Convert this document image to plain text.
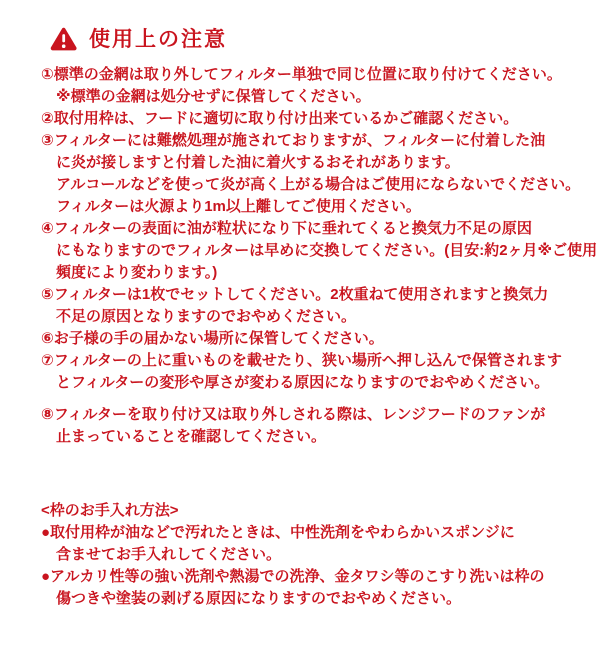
使用上の注意
①標準の金網は取り外してフィルター単独で同じ位置に取り付けてください。
※標準の金網は処分せずに保管してください。
②取付用枠は、フードに適切に取り付け出来ているかご確認ください。
③フィルターには難燃処理が施されておりますが、フィルターに付着した油
に炎が接しますと付着した油に着火するおそれがあります。
アルコールなどを使って炎が高く上がる場合はご使用にならないでください。
フィルターは火源より1m以上離してご使用ください。
④フィルターの表面に油が粒状になり下に垂れてくると換気力不足の原因
にもなりますのでフィルターは早めに交換してください。(目安:約2ヶ月※ご使用
頻度により変わります。)
⑤フィルターは1枚でセットしてください。2枚重ねて使用されますと換気力
不足の原因となりますのでおやめください。
⑥お子様の手の届かない場所に保管してください。
⑦フィルターの上に重いものを載せたり、狭い場所へ押し込んで保管されます
とフィルターの変形や厚さが変わる原因になりますのでおやめください。
⑧フィルターを取り付け又は取り外しされる際は、レンジフードのファンが
止まっていることを確認してください。
<枠のお手入れ方法>
●取付用枠が油などで汚れたときは、中性洗剤をやわらかいスポンジに
含ませてお手入れしてください。
●アルカリ性等の強い洗剤や熱湯での洗浄、金タワシ等のこすり洗いは枠の
傷つきや塗装の剥げる原因になりますのでおやめください。
